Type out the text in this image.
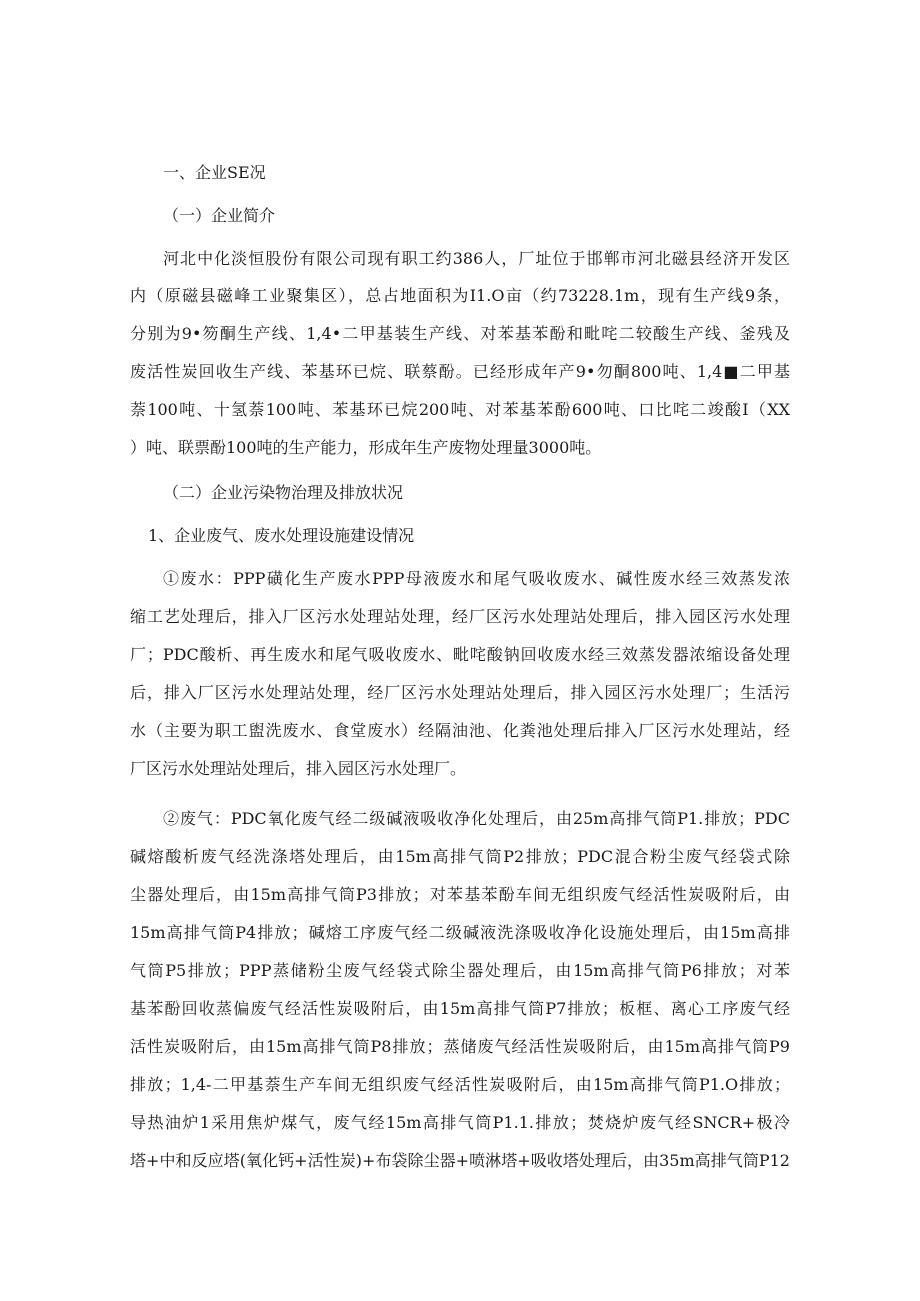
一、企业SE况
（一）企业简介
河北中化淡恒股份有限公司现有职工约386人，厂址位于邯郸市河北磁县经济开发区
内（原磁县磁峰工业聚集区），总占地面积为I1.O亩（约73228.1m，现有生产线9条，
分别为9•笏酮生产线、1,4•二甲基装生产线、对苯基苯酚和毗咤二较酸生产线、釜残及
废活性炭回收生产线、苯基环已烷、联蔡酚。已经形成年产9•勿酮800吨、1,4■二甲基
萘100吨、十氢萘100吨、苯基环已烷200吨、对苯基苯酚600吨、口比咤二竣酸I（XX
）吨、联票酚100吨的生产能力，形成年生产废物处理量3000吨。
（二）企业污染物治理及排放状况
1、企业废气、废水处理设施建设情况
①废水：PPP磺化生产废水PPP母液废水和尾气吸收废水、碱性废水经三效蒸发浓
缩工艺处理后，排入厂区污水处理站处理，经厂区污水处理站处理后，排入园区污水处理
厂；PDC酸析、再生废水和尾气吸收废水、毗咤酸钠回收废水经三效蒸发器浓缩设备处理
后，排入厂区污水处理站处理，经厂区污水处理站处理后，排入园区污水处理厂；生活污
水（主要为职工盥洗废水、食堂废水）经隔油池、化粪池处理后排入厂区污水处理站，经
厂区污水处理站处理后，排入园区污水处理厂。
②废气：PDC氧化废气经二级碱液吸收净化处理后，由25m高排气筒P1.排放；PDC
碱熔酸析废气经洗涤塔处理后，由15m高排气筒P2排放；PDC混合粉尘废气经袋式除
尘器处理后，由15m高排气筒P3排放；对苯基苯酚车间无组织废气经活性炭吸附后，由
15m高排气筒P4排放；碱熔工序废气经二级碱液洗涤吸收净化设施处理后，由15m高排
气筒P5排放；PPP蒸储粉尘废气经袋式除尘器处理后，由15m高排气筒P6排放；对苯
基苯酚回收蒸偏废气经活性炭吸附后，由15m高排气筒P7排放；板框、离心工序废气经
活性炭吸附后，由15m高排气筒P8排放；蒸储废气经活性炭吸附后，由15m高排气筒P9
排放；1,4-二甲基萘生产车间无组织废气经活性炭吸附后，由15m高排气筒P1.O排放；
导热油炉1采用焦炉煤气，废气经15m高排气筒P1.1.排放；焚烧炉废气经SNCR+极冷
塔+中和反应塔(氧化钙+活性炭)+布袋除尘器+喷淋塔+吸收塔处理后，由35m高排气筒P12
